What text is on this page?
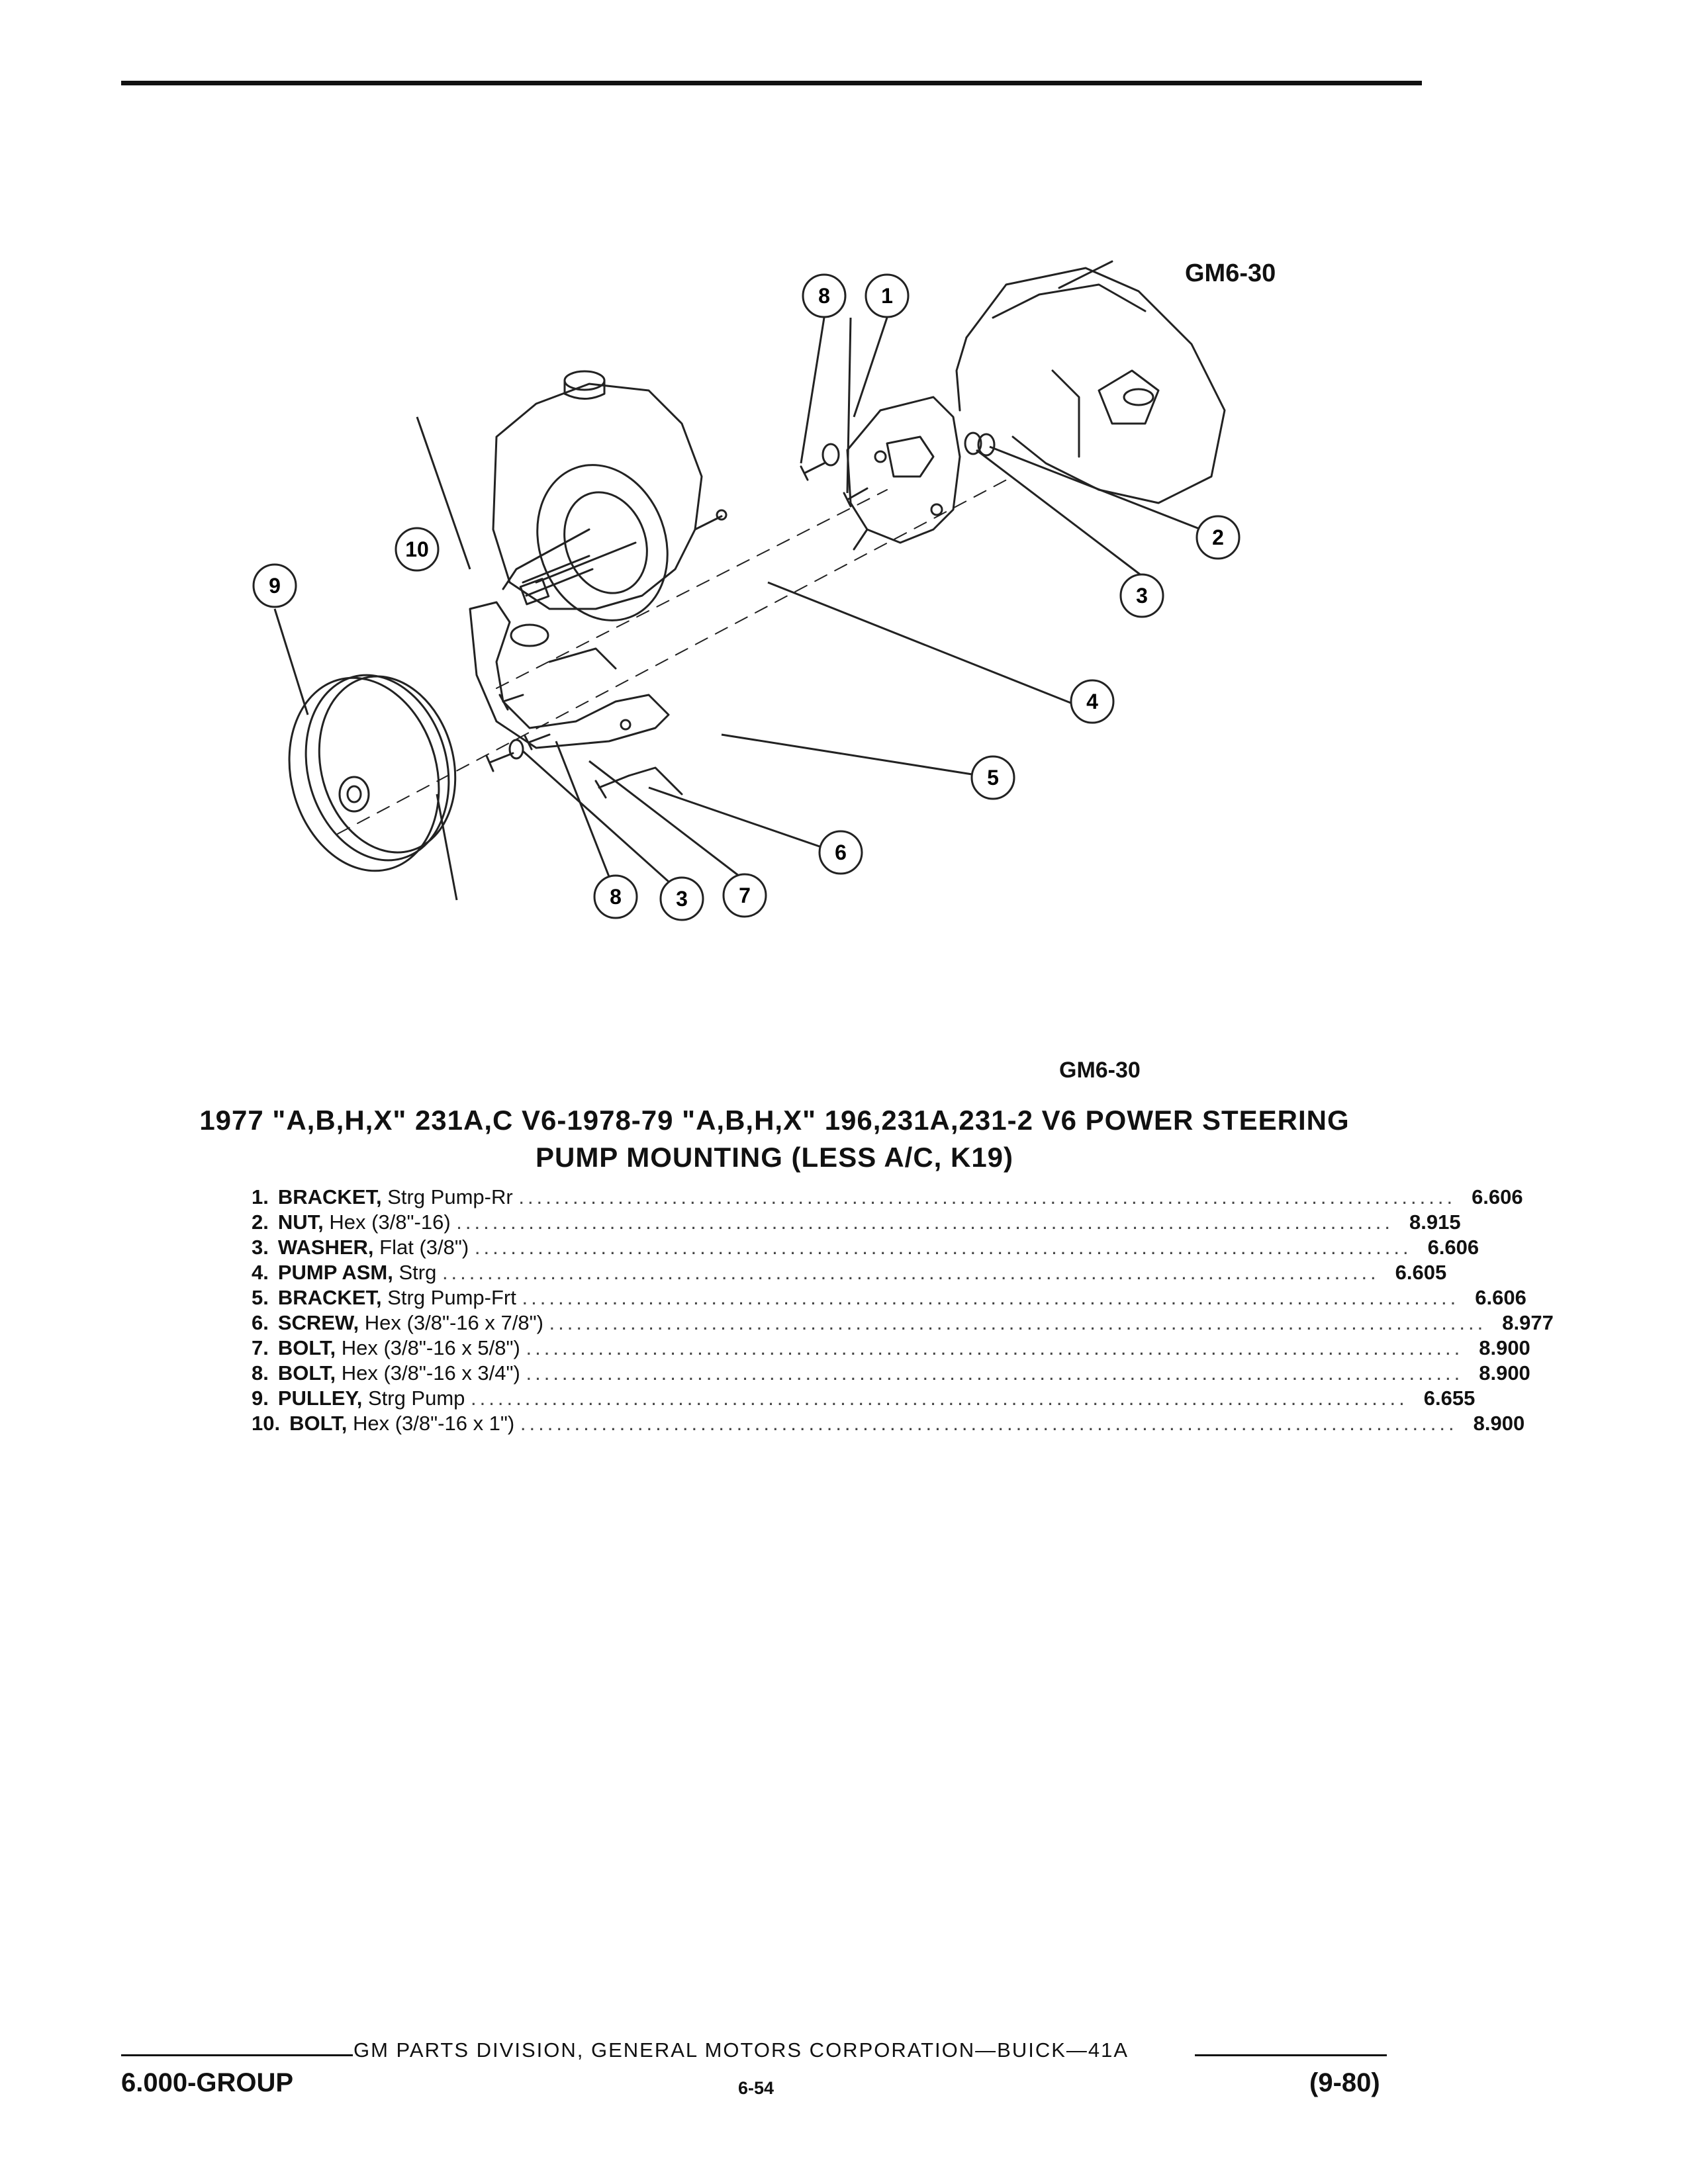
GM6-30
8 1
2
3
4
5
6
7
3
8
9
10
GM6-30
1977 "A,B,H,X" 231A,C V6-1978-79 "A,B,H,X" 196,231A,231-2 V6 POWER STEERING
PUMP MOUNTING (LESS A/C, K19)
1. BRACKET, Strg Pump-Rr ........................................................................................................ 6.606
2. NUT, Hex (3/8"-16) ........................................................................................................ 8.915
3. WASHER, Flat (3/8") ........................................................................................................ 6.606
4. PUMP ASM, Strg ........................................................................................................ 6.605
5. BRACKET, Strg Pump-Frt ........................................................................................................ 6.606
6. SCREW, Hex (3/8"-16 x 7/8") ........................................................................................................ 8.977
7. BOLT, Hex (3/8"-16 x 5/8") ........................................................................................................ 8.900
8. BOLT, Hex (3/8"-16 x 3/4") ........................................................................................................ 8.900
9. PULLEY, Strg Pump ........................................................................................................ 6.655
10. BOLT, Hex (3/8"-16 x 1") ........................................................................................................ 8.900
GM PARTS DIVISION, GENERAL MOTORS CORPORATION—BUICK—41A
6.000-GROUP	6-54	(9-80)
